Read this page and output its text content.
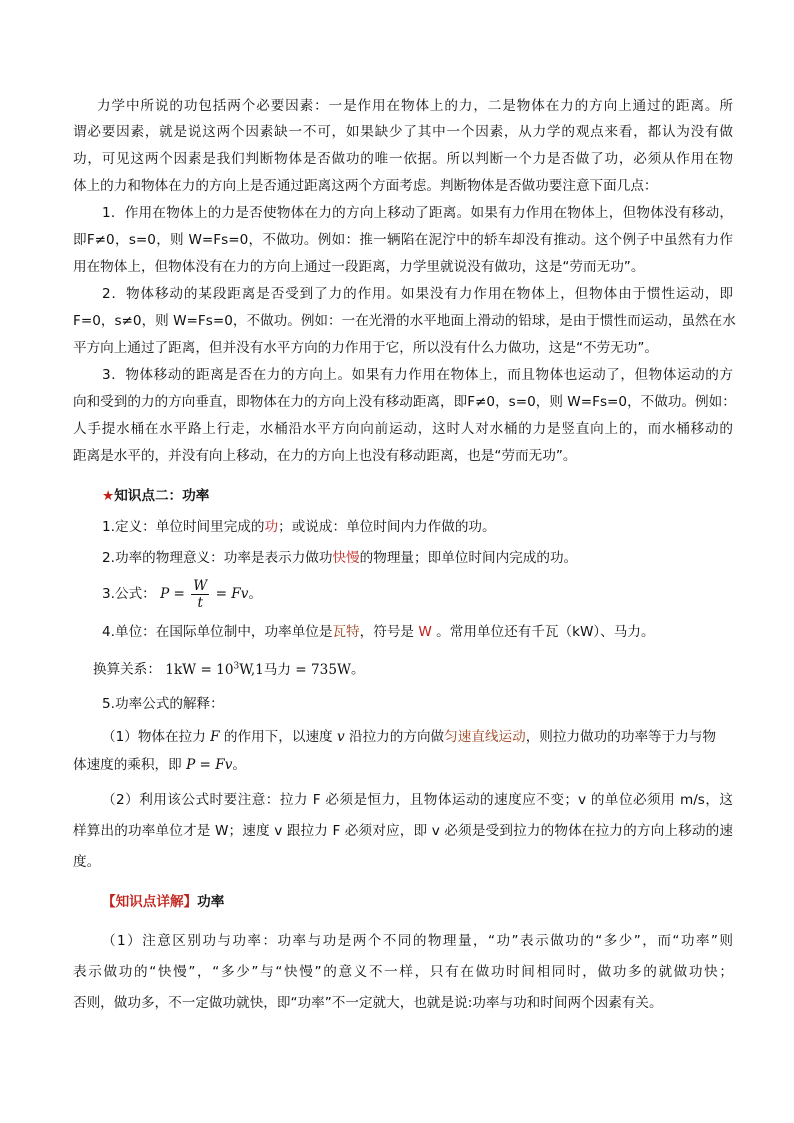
力学中所说的功包括两个必要因素：一是作用在物体上的力，二是物体在力的方向上通过的距离。所
谓必要因素，就是说这两个因素缺一不可，如果缺少了其中一个因素，从力学的观点来看，都认为没有做
功，可见这两个因素是我们判断物体是否做功的唯一依据。所以判断一个力是否做了功，必须从作用在物
体上的力和物体在力的方向上是否通过距离这两个方面考虑。判断物体是否做功要注意下面几点：
1．作用在物体上的力是否使物体在力的方向上移动了距离。如果有力作用在物体上，但物体没有移动，
即F≠0，s=0，则 W=Fs=0，不做功。例如：推一辆陷在泥泞中的轿车却没有推动。这个例子中虽然有力作
用在物体上，但物体没有在力的方向上通过一段距离，力学里就说没有做功，这是“劳而无功”。
2．物体移动的某段距离是否受到了力的作用。如果没有力作用在物体上，但物体由于惯性运动，即
F=0，s≠0，则 W=Fs=0，不做功。例如：一在光滑的水平地面上滑动的铅球，是由于惯性而运动，虽然在水
平方向上通过了距离，但并没有水平方向的力作用于它，所以没有什么力做功，这是“不劳无功”。
3．物体移动的距离是否在力的方向上。如果有力作用在物体上，而且物体也运动了，但物体运动的方
向和受到的力的方向垂直，即物体在力的方向上没有移动距离，即F≠0，s=0，则 W=Fs=0，不做功。例如：
人手提水桶在水平路上行走，水桶沿水平方向向前运动，这时人对水桶的力是竖直向上的，而水桶移动的
距离是水平的，并没有向上移动，在力的方向上也没有移动距离，也是“劳而无功”。
★知识点二：功率
1.定义：单位时间里完成的功；或说成：单位时间内力作做的功。
2.功率的物理意义：功率是表示力做功快慢的物理量；即单位时间内完成的功。
3.公式： $P = \frac{W}{t} = Fv$。
4.单位：在国际单位制中，功率单位是瓦特，符号是 W 。常用单位还有千瓦（kW）、马力。
换算关系： $1kW = 10^3W,1$马力 = 735W。
5.功率公式的解释：
（1）物体在拉力 F 的作用下，以速度 v 沿拉力的方向做匀速直线运动，则拉力做功的功率等于力与物
体速度的乘积，即 P = Fv。
（2）利用该公式时要注意：拉力 F 必须是恒力，且物体运动的速度应不变；v 的单位必须用 m/s，这
样算出的功率单位才是 W；速度 v 跟拉力 F 必须对应，即 v 必须是受到拉力的物体在拉力的方向上移动的速
度。
【知识点详解】功率
（1）注意区别功与功率：功率与功是两个不同的物理量，“功”表示做功的“多少”，而“功率”则
表示做功的“快慢”，“多少”与“快慢”的意义不一样，只有在做功时间相同时，做功多的就做功快；
否则，做功多，不一定做功就快，即“功率”不一定就大，也就是说:功率与功和时间两个因素有关。
